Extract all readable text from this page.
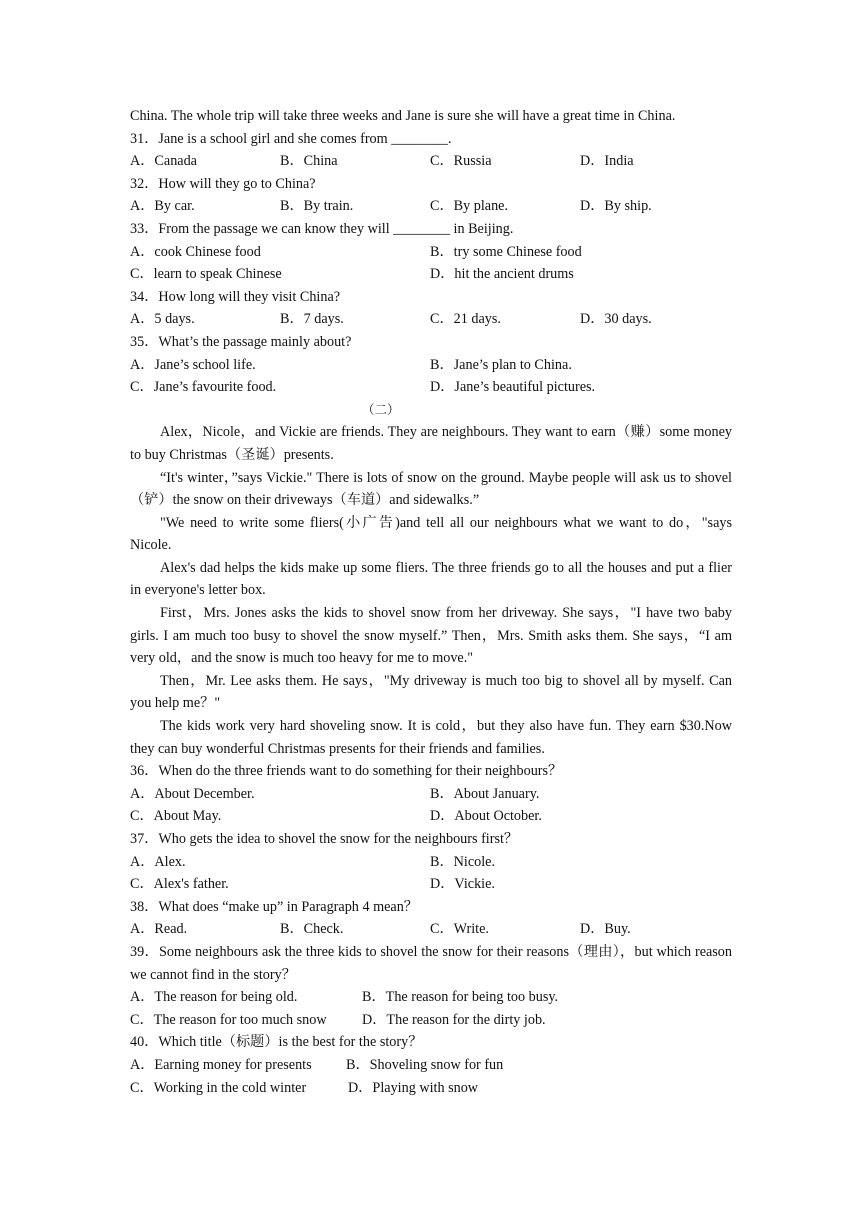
China. The whole trip will take three weeks and Jane is sure she will have a great time in China.
31．Jane is a school girl and she comes from ________.
A．Canada	B．China	C．Russia	D．India
32．How will they go to China?
A．By car.	B．By train.	C．By plane.	D．By ship.
33．From the passage we can know they will ________ in Beijing.
A．cook Chinese food	B．try some Chinese food
C．learn to speak Chinese	D．hit the ancient drums
34．How long will they visit China?
A．5 days.	B．7 days.	C．21 days.	D．30 days.
35．What’s the passage mainly about?
A．Jane’s school life.	B．Jane’s plan to China.
C．Jane’s favourite food.	D．Jane’s beautiful pictures.
（二）
Alex，Nicole，and Vickie are friends. They are neighbours. They want to earn（赚）some money to buy Christmas（圣诞）presents.
“It's winter，”says Vickie." There is lots of snow on the ground. Maybe people will ask us to shovel（铲）the snow on their driveways（车道）and sidewalks.”
"We need to write some fliers(小广告)and tell all our neighbours what we want to do，"says Nicole.
Alex's dad helps the kids make up some fliers. The three friends go to all the houses and put a flier in everyone's letter box.
First，Mrs. Jones asks the kids to shovel snow from her driveway. She says，"I have two baby girls. I am much too busy to shovel the snow myself.” Then，Mrs. Smith asks them. She says，“I am very old，and the snow is much too heavy for me to move."
Then，Mr. Lee asks them. He says，"My driveway is much too big to shovel all by myself. Can you help me？"
The kids work very hard shoveling snow. It is cold，but they also have fun. They earn $30.Now they can buy wonderful Christmas presents for their friends and families.
36．When do the three friends want to do something for their neighbours？
A．About December.	B．About January.
C．About May.	D．About October.
37．Who gets the idea to shovel the snow for the neighbours first？
A．Alex.	B．Nicole.
C．Alex's father.	D．Vickie.
38．What does “make up” in Paragraph 4 mean？
A．Read.	B．Check.	C．Write.	D．Buy.
39．Some neighbours ask the three kids to shovel the snow for their reasons（理由），but which reason we cannot find in the story？
A．The reason for being old.	B．The reason for being too busy.
C．The reason for too much snow D．The reason for the dirty job.
40．Which title（标题）is the best for the story？
A．Earning money for presents B．Shoveling snow for fun
C．Working in the cold winter	D．Playing with snow
